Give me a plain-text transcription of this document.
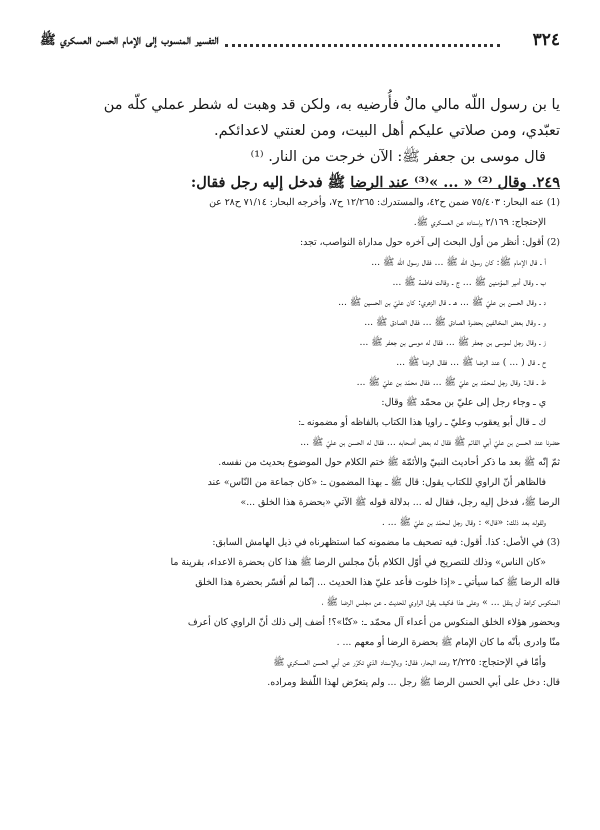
٣٢٤
التفسير المنسوب إلى الإمام الحسن العسكري ﷺ

يا بن رسول اللّه مالي مالٌ فأُرضيه به، ولكن قد وهبت له شطر عملي كلّه من

تعبّدي، ومن صلاتي عليكم أهل البيت، ومن لعنتي لاعدائكم.

قال موسى بن جعفر ﷺ: الآن خرجت من النار. ⁽¹⁾

٢٤٩. وقال ⁽²⁾ « ... »⁽³⁾ عند الرضا ﷺ فدخل إليه رجل فقال:

(1) عنه البحار: ٧٥/٤٠٣ ضمن ح٤٢، والمستدرك: ١٢/٢٦٥ ح٧، وأخرجه البحار: ٧١/١٤ ح٢٨ عن

الإحتجاج: ٢/١٦٩ بإسناده عن العسكري ﷺ.

(2) أقول: أنظر من أول البحث إلى آخره حول مداراة النواصب، تجد:

أ ـ قال الإمام ﷺ: كان رسول اللّه ﷺ ... فقال رسول اللّه ﷺ ...

ب ـ وقال أمير المؤمنين ﷺ ... ج ـ وقالت فاطمة ﷺ ...

د ـ وقال الحسن بن عليّ ﷺ ... هـ ـ قال الزهري: كان عليّ بن الحسين ﷺ ...

و ـ وقال بعض المخالفين بحضرة الصادق ﷺ ... فقال الصادق ﷺ ...

ز ـ وقال رجل لموسى بن جعفر ﷺ ... فقال له موسى بن جعفر ﷺ ...

ح ـ قال ( ... ) عند الرضا ﷺ ... فقال الرضا ﷺ ...

ط ـ قال: وقال رجل لمحمّد بن عليّ ﷺ ... فقال محمّد بن عليّ ﷺ ...

ي ـ وجاء رجل إلى عليّ بن محمّد ﷺ وقال:

ك ـ قال أبو يعقوب وعليّ ـ راويا هذا الكتاب بالفاظه أو مضمونه ـ:

حضرنا عند الحسن بن عليّ أبي القائم ﷺ فقال له بعض أصحابه ... فقال له الحسن بن عليّ ﷺ ...

ثمّ إنّه ﷺ بعد ما ذكر أحاديث النبيّ والأئمّة ﷺ ختم الكلام حول الموضوع بحديث من نفسه.

فالظاهر أنّ الراوي للكتاب يقول: قال ﷺ ـ بهذا المضمون ـ: «كان جماعة من النّاس» عند

الرضا ﷺ، فدخل إليه رجل، فقال له ... بدلالة قوله ﷺ الآتي «بحضرة هذا الخلق ...»

ولقوله بعد ذلك: «قال» : وقال رجل لمحمّد بن عليّ ﷺ ... .

(3) في الأصل: كذا. أقول: فيه تصحيف ما مضمونه كما استظهرناه في ذيل الهامش السابق:

«كان الناس» وذلك للتصريح في أوّل الكلام بأنّ مجلس الرضا ﷺ هذا كان بحضرة الاعداء، بقرينة ما

قاله الرضا ﷺ كما سيأتي ـ «إذا خلوت فأعد عليّ هذا الحديث ... إنّما لم أفسّر بحضرة هذا الخلق

المنكوس كراهة أن ينقل ... » وعلى هذا فكيف يقول الراوي للحديث ـ عن مجلس الرضا ﷺ ،

وبحضور هؤلاء الخلق المنكوس من أعداء آل محمّد ـ: «كنّا»؟! أضف إلى ذلك أنّ الراوي كان أعرف

منّا وادرى بأنّه ما كان الإمام ﷺ بحضرة الرضا أو معهم ... .

وأمّا في الإحتجاج: ٢/٢٢٥ وعنه البحار، فقال: وبالإسناد الذي تكرّر عن أبي الحسن العسكري ﷺ

قال: دخل على أبي الحسن الرضا ﷺ رجل ... ولم يتعرّض لهذا اللّفظ ومراده.
